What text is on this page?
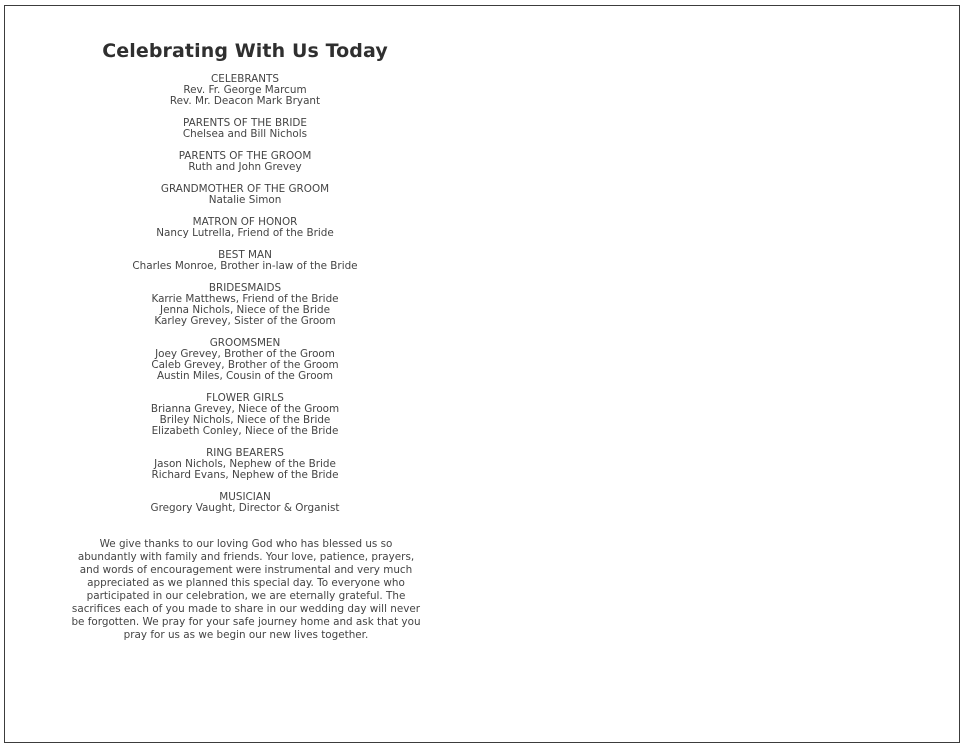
Celebrating With Us Today
CELEBRANTS
Rev. Fr. George Marcum
Rev. Mr. Deacon Mark Bryant
PARENTS OF THE BRIDE
Chelsea and Bill Nichols
PARENTS OF THE GROOM
Ruth and John Grevey
GRANDMOTHER OF THE GROOM
Natalie Simon
MATRON OF HONOR
Nancy Lutrella, Friend of the Bride
BEST MAN
Charles Monroe, Brother in-law of the Bride
BRIDESMAIDS
Karrie Matthews, Friend of the Bride
Jenna Nichols, Niece of the Bride
Karley Grevey, Sister of the Groom
GROOMSMEN
Joey Grevey, Brother of the Groom
Caleb Grevey, Brother of the Groom
Austin Miles, Cousin of the Groom
FLOWER GIRLS
Brianna Grevey, Niece of the Groom
Briley Nichols, Niece of the Bride
Elizabeth Conley, Niece of the Bride
RING BEARERS
Jason Nichols, Nephew of the Bride
Richard Evans, Nephew of the Bride
MUSICIAN
Gregory Vaught, Director & Organist

We give thanks to our loving God who has blessed us so abundantly with family and friends. Your love, patience, prayers, and words of encouragement were instrumental and very much appreciated as we planned this special day. To everyone who participated in our celebration, we are eternally grateful. The sacrifices each of you made to share in our wedding day will never be forgotten. We pray for your safe journey home and ask that you pray for us as we begin our new lives together.
